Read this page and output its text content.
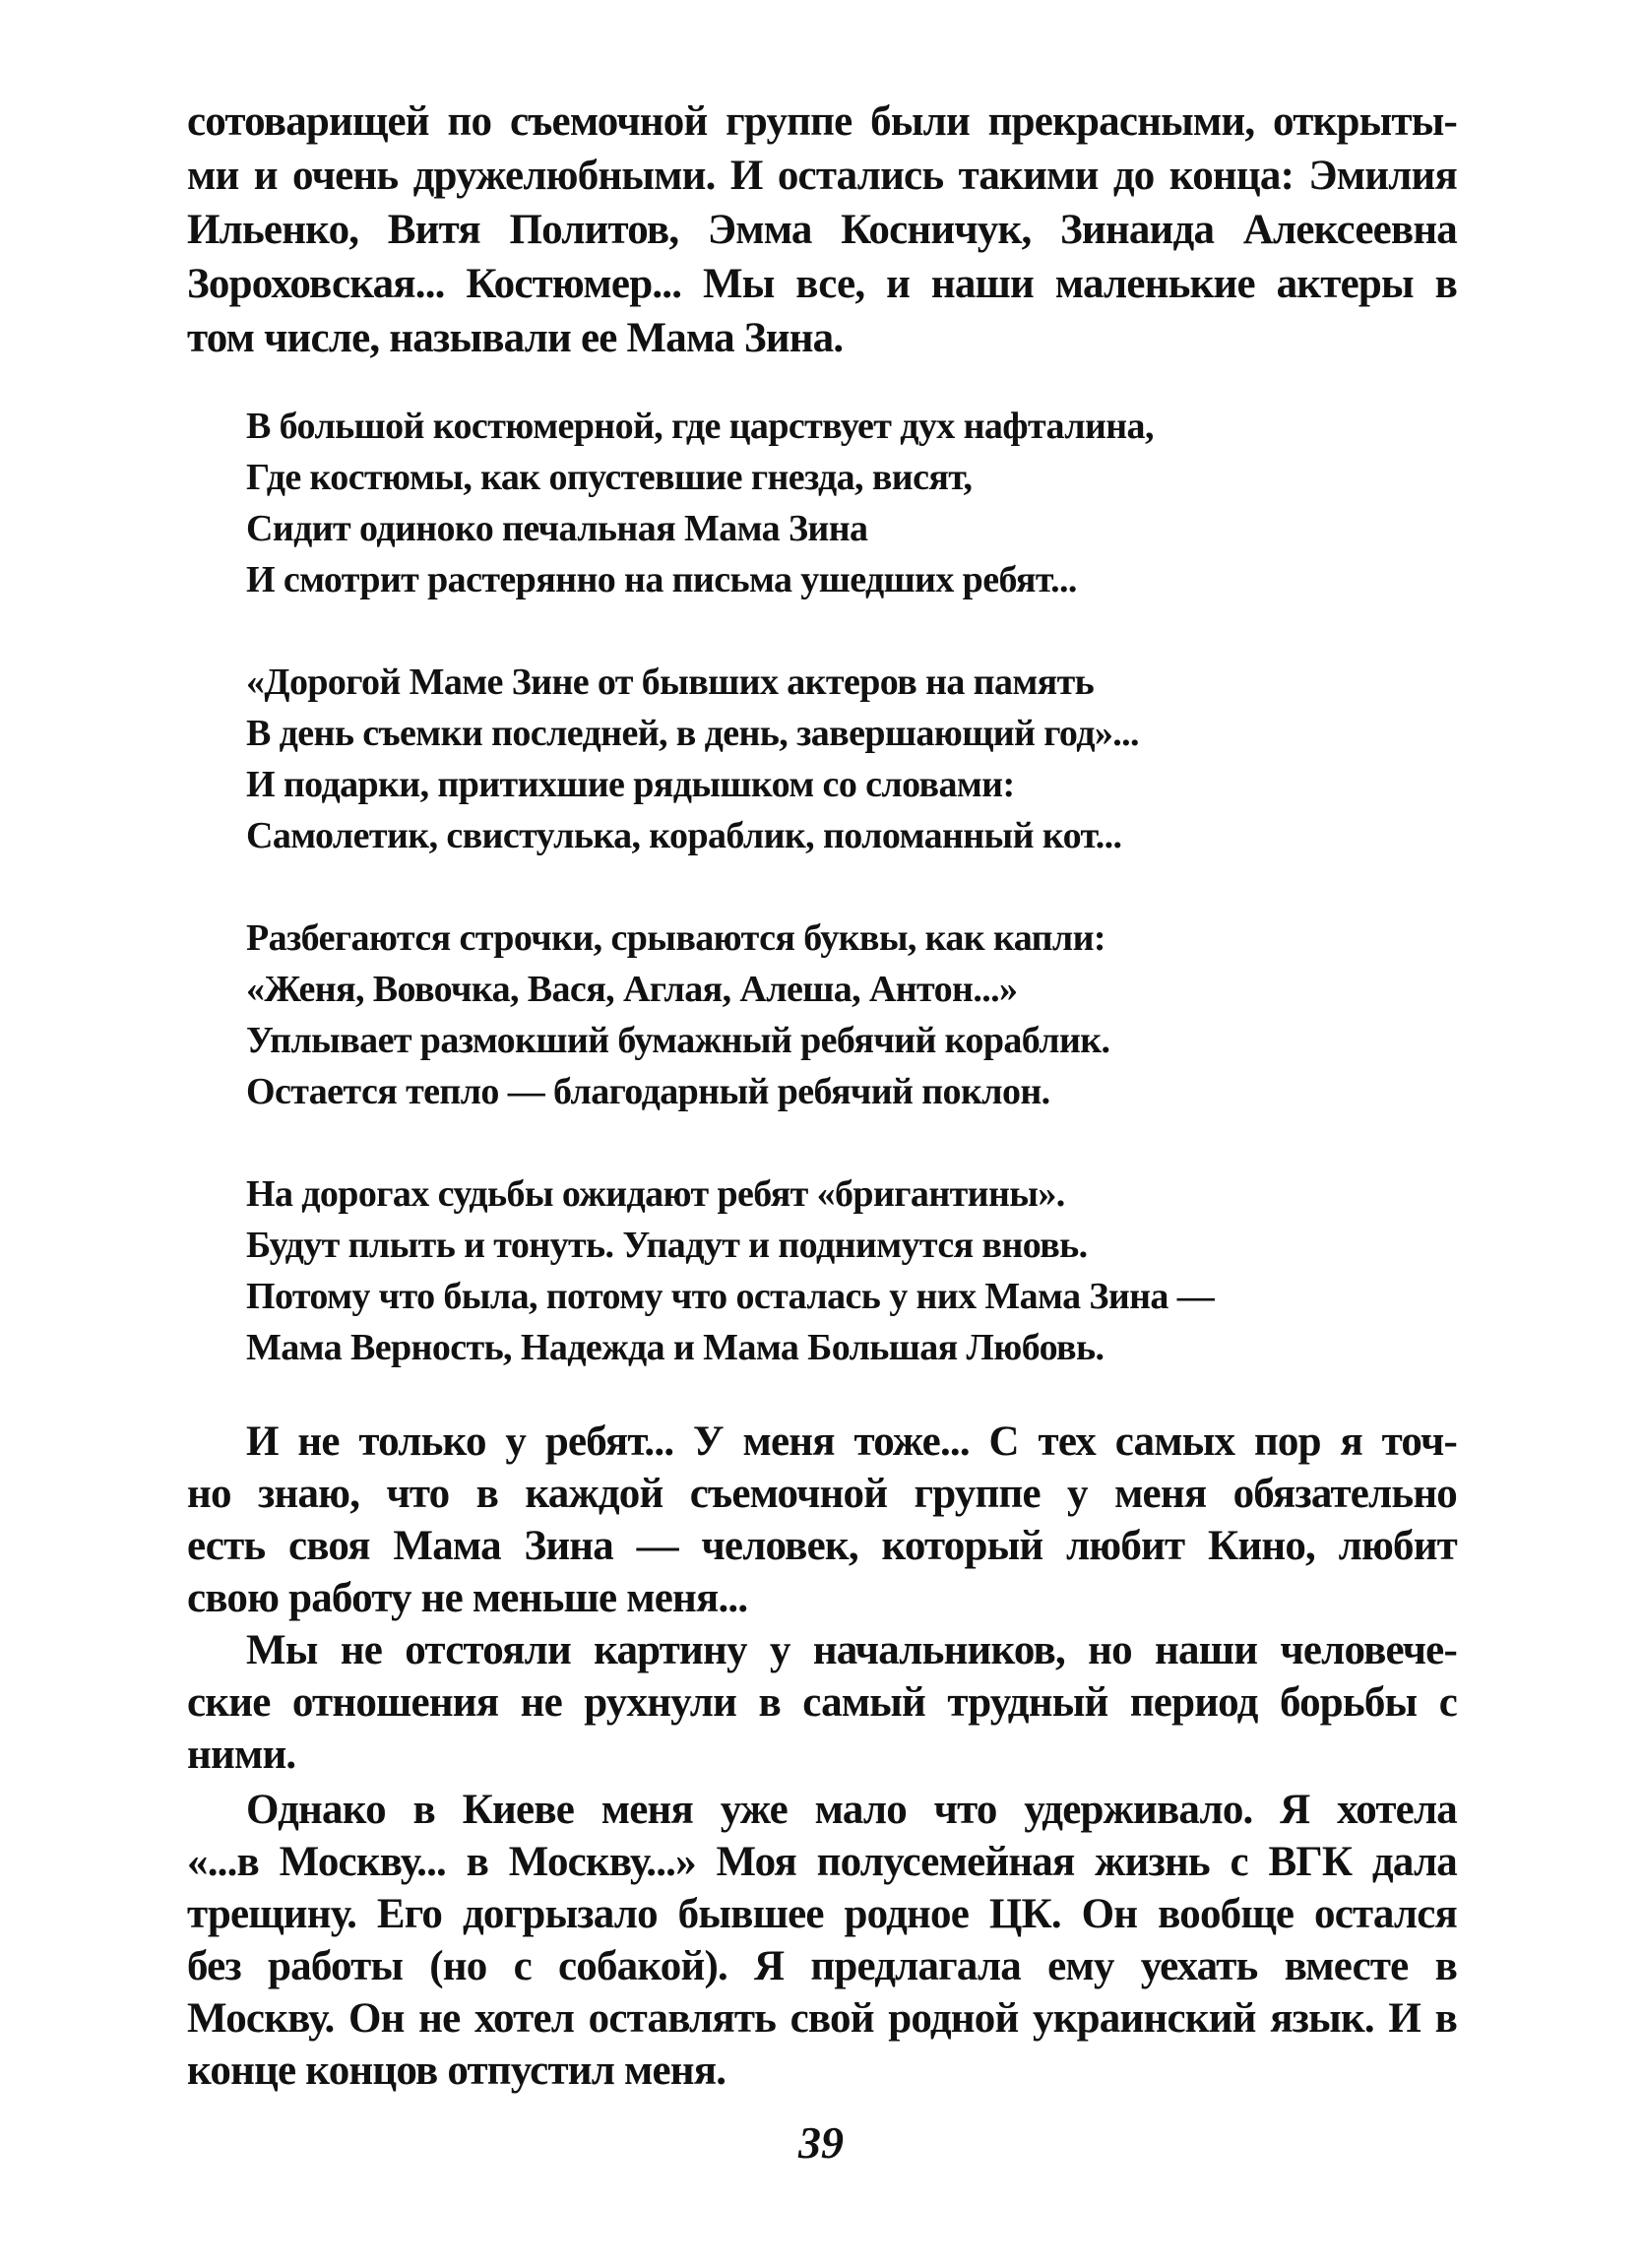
сотоварищей по съемочной группе были прекрасными, открыты-
ми и очень дружелюбными. И остались такими до конца: Эмилия
Ильенко, Витя Политов, Эмма Косничук, Зинаида Алексеевна
Зороховская... Костюмер... Мы все, и наши маленькие актеры в
том числе, называли ее Мама Зина.
В большой костюмерной, где царствует дух нафталина,
Где костюмы, как опустевшие гнезда, висят,
Сидит одиноко печальная Мама Зина
И смотрит растерянно на письма ушедших ребят...
«Дорогой Маме Зине от бывших актеров на память
В день съемки последней, в день, завершающий год»...
И подарки, притихшие рядышком со словами:
Самолетик, свистулька, кораблик, поломанный кот...
Разбегаются строчки, срываются буквы, как капли:
«Женя, Вовочка, Вася, Аглая, Алеша, Антон...»
Уплывает размокший бумажный ребячий кораблик.
Остается тепло — благодарный ребячий поклон.
На дорогах судьбы ожидают ребят «бригантины».
Будут плыть и тонуть. Упадут и поднимутся вновь.
Потому что была, потому что осталась у них Мама Зина —
Мама Верность, Надежда и Мама Большая Любовь.
И не только у ребят... У меня тоже... С тех самых пор я точ-
но знаю, что в каждой съемочной группе у меня обязательно
есть своя Мама Зина — человек, который любит Кино, любит
свою работу не меньше меня...
Мы не отстояли картину у начальников, но наши человече-
ские отношения не рухнули в самый трудный период борьбы с
ними.
Однако в Киеве меня уже мало что удерживало. Я хотела
«...в Москву... в Москву...» Моя полусемейная жизнь с ВГК дала
трещину. Его догрызало бывшее родное ЦК. Он вообще остался
без работы (но с собакой). Я предлагала ему уехать вместе в
Москву. Он не хотел оставлять свой родной украинский язык. И в
конце концов отпустил меня.
39
